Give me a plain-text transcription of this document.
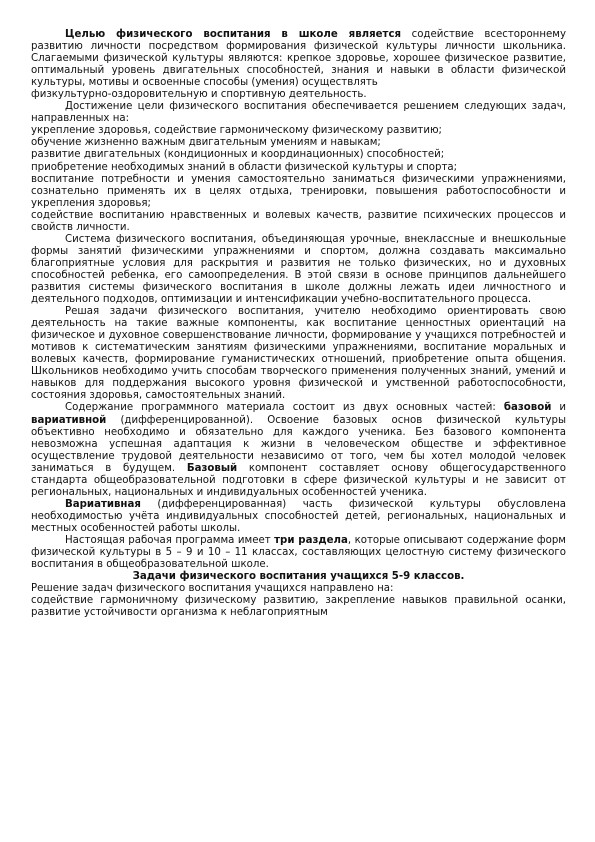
Целью физического воспитания в школе является содействие всестороннему развитию личности посредством формирования физической культуры личности школьника. Слагаемыми физической культуры являются: крепкое здоровье, хорошее физическое развитие, оптимальный уровень двигательных способностей, знания и навыки в области физической культуры, мотивы и освоенные способы (умения) осуществлять

физкультурно-оздоровительную и спортивную деятельность.

Достижение цели физического воспитания обеспечивается решением следующих задач, направленных на:

укрепление здоровья, содействие гармоническому физическому развитию;

обучение жизненно важным двигательным умениям и навыкам;

развитие двигательных (кондиционных и координационных) способностей;

приобретение необходимых знаний в области физической культуры и спорта;

воспитание потребности и умения самостоятельно заниматься физическими упражнениями, сознательно применять их в целях отдыха, тренировки, повышения работоспособности и укрепления здоровья;

содействие воспитанию нравственных и волевых качеств, развитие психических процессов и свойств личности.

Система физического воспитания, объединяющая урочные, внеклассные и внешкольные формы занятий физическими упражнениями и спортом, должна создавать максимально благоприятные условия для раскрытия и развития не только физических, но и духовных способностей ребенка, его самоопределения. В этой связи в основе принципов дальнейшего развития системы физического воспитания в школе должны лежать идеи личностного и деятельного подходов, оптимизации и интенсификации учебно-воспитательного процесса.

Решая задачи физического воспитания, учителю необходимо ориентировать свою деятельность на такие важные компоненты, как воспитание ценностных ориентаций на физическое и духовное совершенствование личности, формирование у учащихся потребностей и мотивов к систематическим занятиям физическими упражнениями, воспитание моральных и волевых качеств, формирование гуманистических отношений, приобретение опыта общения. Школьников необходимо учить способам творческого применения полученных знаний, умений и навыков для поддержания высокого уровня физической и умственной работоспособности, состояния здоровья, самостоятельных знаний.

Содержание программного материала состоит из двух основных частей: базовой и вариативной (дифференцированной). Освоение базовых основ физической культуры объективно необходимо и обязательно для каждого ученика. Без базового компонента невозможна успешная адаптация к жизни в человеческом обществе и эффективное осуществление трудовой деятельности независимо от того, чем бы хотел молодой человек заниматься в будущем. Базовый компонент составляет основу общегосударственного стандарта общеобразовательной подготовки в сфере физической культуры и не зависит от региональных, национальных и индивидуальных особенностей ученика.

Вариативная (дифференцированная) часть физической культуры обусловлена необходимостью учёта индивидуальных способностей детей, региональных, национальных и местных особенностей работы школы.

Настоящая рабочая программа имеет три раздела, которые описывают содержание форм физической культуры в 5 – 9 и 10 – 11 классах, составляющих целостную систему физического воспитания в общеобразовательной школе.

Задачи физического воспитания учащихся 5-9 классов.

Решение задач физического воспитания учащихся направлено на:

содействие гармоничному физическому развитию, закрепление навыков правильной осанки, развитие устойчивости организма к неблагоприятным
